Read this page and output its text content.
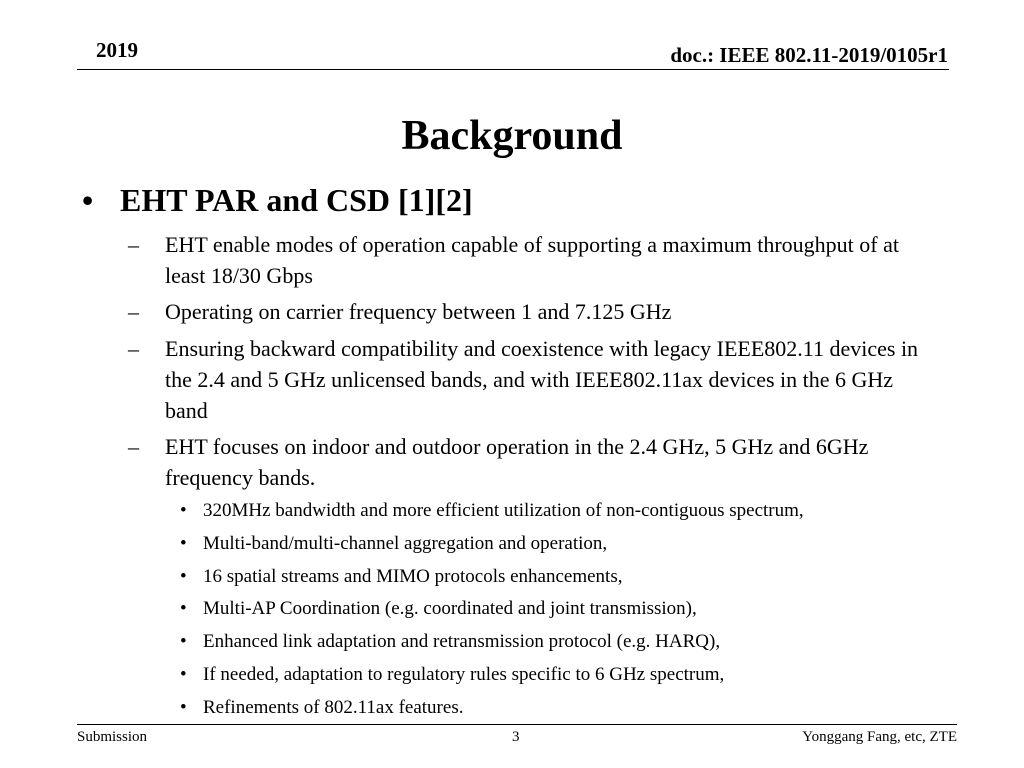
2019	doc.: IEEE 802.11-2019/0105r1
Background
• EHT PAR and CSD [1][2]
– EHT enable modes of operation capable of supporting a maximum throughput of at least 18/30 Gbps
– Operating on carrier frequency between 1 and 7.125 GHz
– Ensuring backward compatibility and coexistence with legacy IEEE802.11 devices in the 2.4 and 5 GHz unlicensed bands, and with IEEE802.11ax devices in the 6 GHz band
– EHT focuses on indoor and outdoor operation in the 2.4 GHz, 5 GHz and 6GHz frequency bands.
• 320MHz bandwidth and more efficient utilization of non-contiguous spectrum,
• Multi-band/multi-channel aggregation and operation,
• 16 spatial streams and MIMO protocols enhancements,
• Multi-AP Coordination (e.g. coordinated and joint transmission),
• Enhanced link adaptation and retransmission protocol (e.g. HARQ),
• If needed, adaptation to regulatory rules specific to 6 GHz spectrum,
• Refinements of 802.11ax features.
Submission	3	Yonggang Fang, etc, ZTE
